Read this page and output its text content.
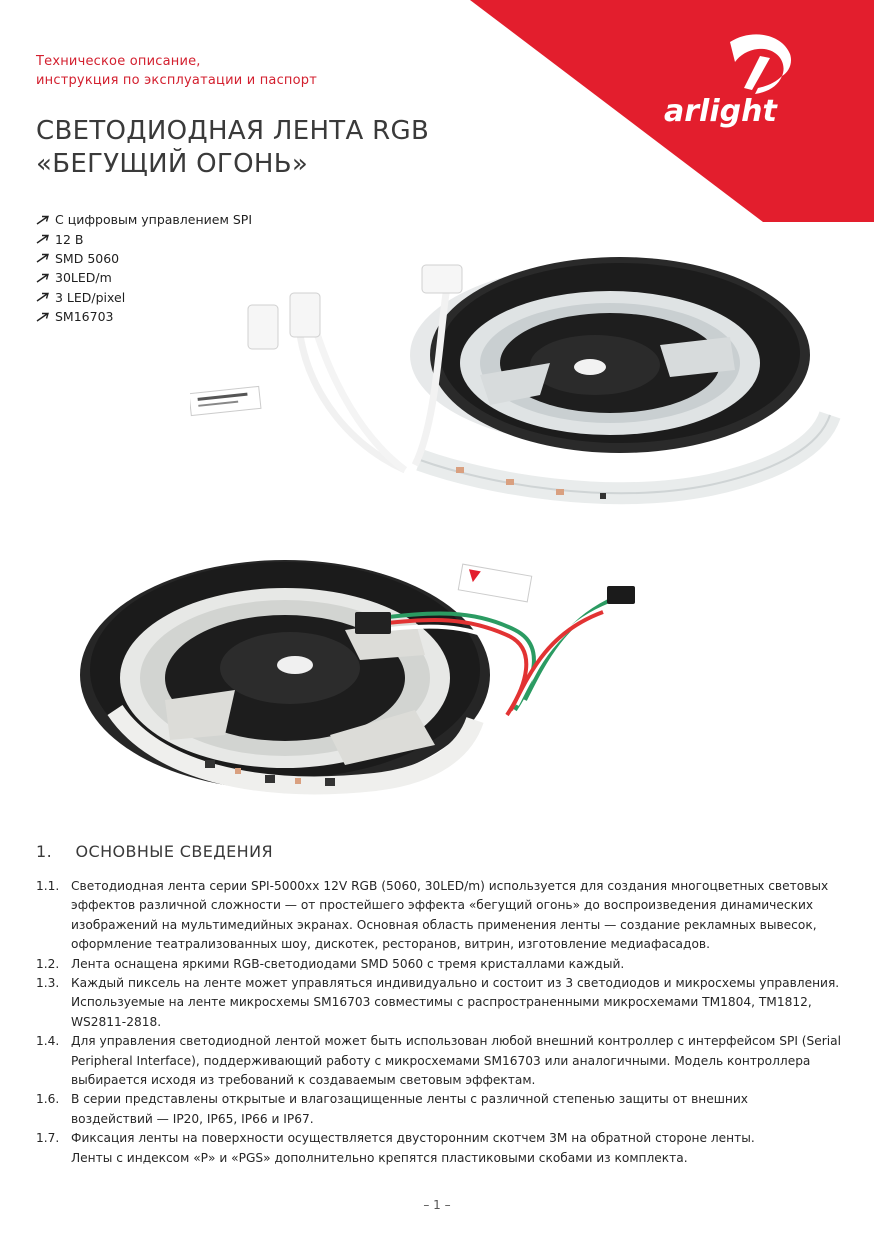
arlight
Техническое описание,
инструкция по эксплуатации и паспорт
СВЕТОДИОДНАЯ ЛЕНТА RGB
«БЕГУЩИЙ ОГОНЬ»
С цифровым управлением SPI
12 В
SMD 5060
30LED/m
3 LED/pixel
SM16703
1. ОСНОВНЫЕ СВЕДЕНИЯ
1.1. Светодиодная лента серии SPI-5000xx 12V RGB (5060, 30LED/m) используется для создания многоцветных световых
эффектов различной сложности — от простейшего эффекта «бегущий огонь» до воспроизведения динамических
изображений на мультимедийных экранах. Основная область применения ленты — создание рекламных вывесок,
оформление театрализованных шоу, дискотек, ресторанов, витрин, изготовление медиафасадов.
1.2. Лента оснащена яркими RGB-светодиодами SMD 5060 с тремя кристаллами каждый.
1.3. Каждый пиксель на ленте может управляться индивидуально и состоит из 3 светодиодов и микросхемы управления.
Используемые на ленте микросхемы SM16703 совместимы с распространенными микросхемами TM1804, TM1812,
WS2811-2818.
1.4. Для управления светодиодной лентой может быть использован любой внешний контроллер с интерфейсом SPI (Serial
Peripheral Interface), поддерживающий работу с микросхемами SM16703 или аналогичными. Модель контроллера
выбирается исходя из требований к создаваемым световым эффектам.
1.6. В серии представлены открытые и влагозащищенные ленты с различной степенью защиты от внешних
воздействий — IP20, IP65, IP66 и IP67.
1.7. Фиксация ленты на поверхности осуществляется двусторонним скотчем 3M на обратной стороне ленты.
Ленты с индексом «P» и «PGS» дополнительно крепятся пластиковыми скобами из комплекта.
– 1 –
